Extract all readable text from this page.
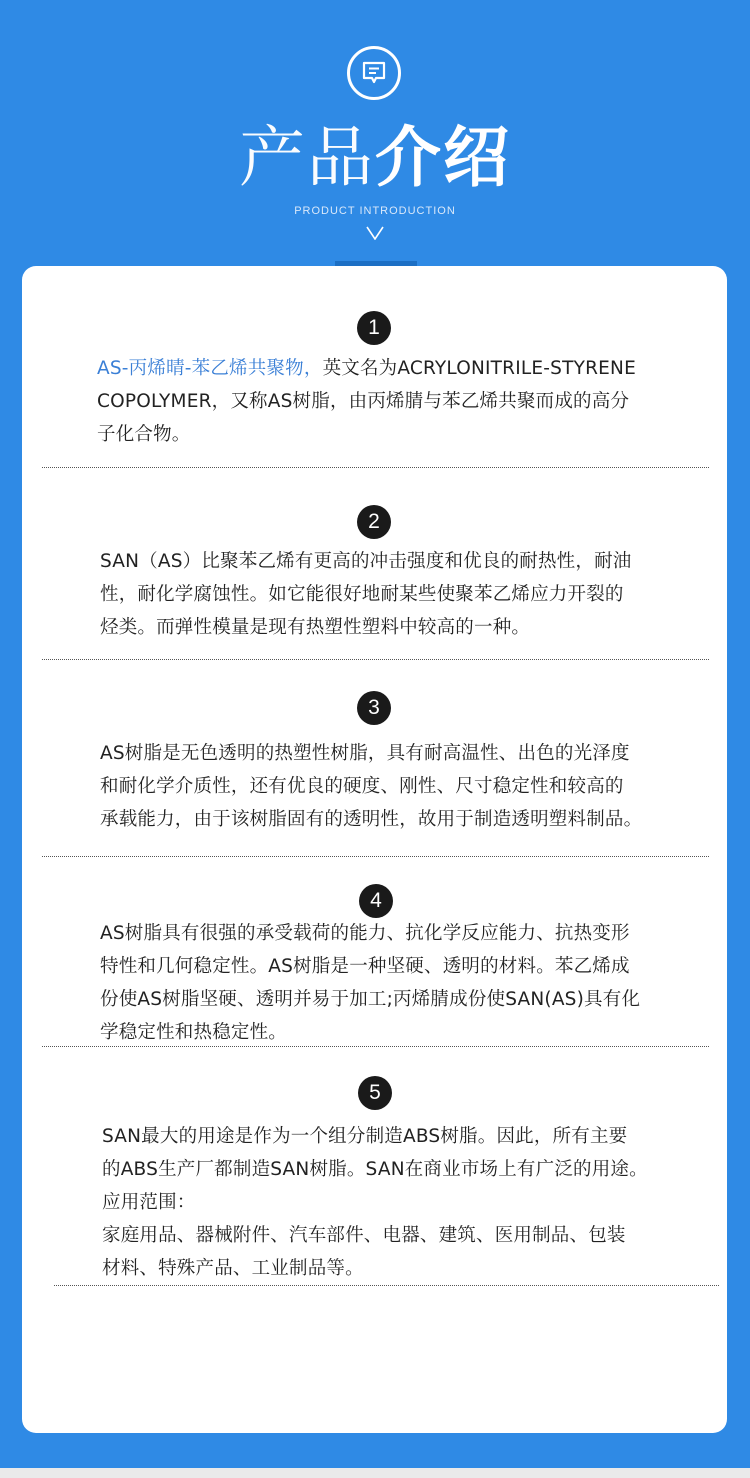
产品介绍
PRODUCT INTRODUCTION
1
AS-丙烯晴-苯乙烯共聚物，英文名为ACRYLONITRILE-STYRENE
COPOLYMER，又称AS树脂，由丙烯腈与苯乙烯共聚而成的高分
子化合物。
2
SAN（AS）比聚苯乙烯有更高的冲击强度和优良的耐热性，耐油
性，耐化学腐蚀性。如它能很好地耐某些使聚苯乙烯应力开裂的
烃类。而弹性模量是现有热塑性塑料中较高的一种。
3
AS树脂是无色透明的热塑性树脂，具有耐高温性、出色的光泽度
和耐化学介质性，还有优良的硬度、刚性、尺寸稳定性和较高的
承载能力，由于该树脂固有的透明性，故用于制造透明塑料制品。
4
AS树脂具有很强的承受载荷的能力、抗化学反应能力、抗热变形
特性和几何稳定性。AS树脂是一种坚硬、透明的材料。苯乙烯成
份使AS树脂坚硬、透明并易于加工;丙烯腈成份使SAN(AS)具有化
学稳定性和热稳定性。
5
SAN最大的用途是作为一个组分制造ABS树脂。因此，所有主要
的ABS生产厂都制造SAN树脂。SAN在商业市场上有广泛的用途。
应用范围：
家庭用品、器械附件、汽车部件、电器、建筑、医用制品、包装
材料、特殊产品、工业制品等。
